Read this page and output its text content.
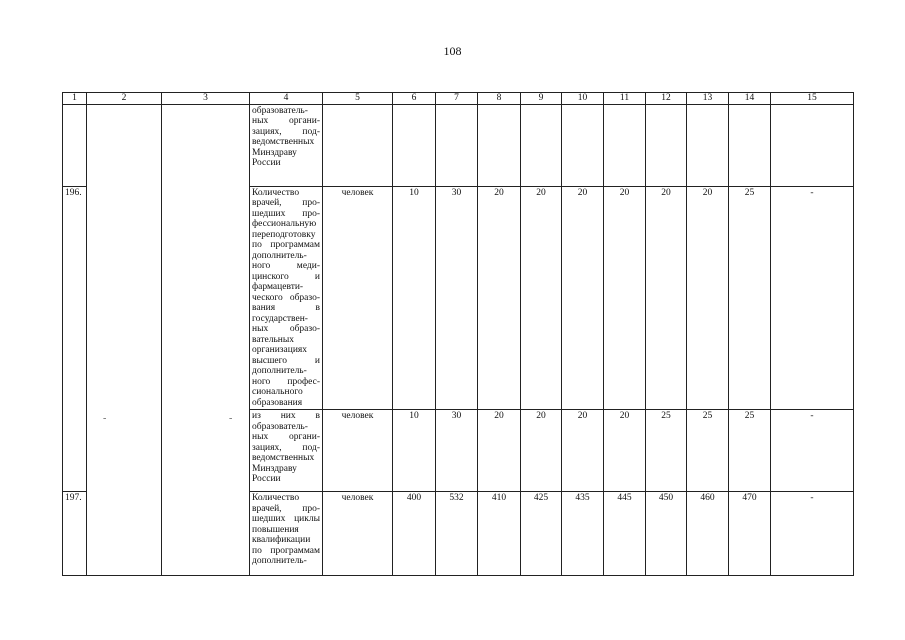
108
1	2	3	4	5	6	7	8	9	10	11	12	13	14	15
			образователь-ных органи-зациях, под-ведомственных Минздраву России											
196.			Количество врачей, про-шедших про-фессиональную переподготовку по программам дополнитель-ного меди-цинского и фармацевти-ческого образо-вания в государствен-ных образо-вательных организациях высшего и дополнитель-ного профес-сионального образования	человек	10	30	20	20	20	20	20	20	25	-
			из них в образователь-ных органи-зациях, под-ведомственных Минздраву России	человек	10	30	20	20	20	20	25	25	25	-
197.			Количество врачей, про-шедших циклы повышения квалификации по программам дополнитель-	человек	400	532	410	425	435	445	450	460	470	-
-	-
